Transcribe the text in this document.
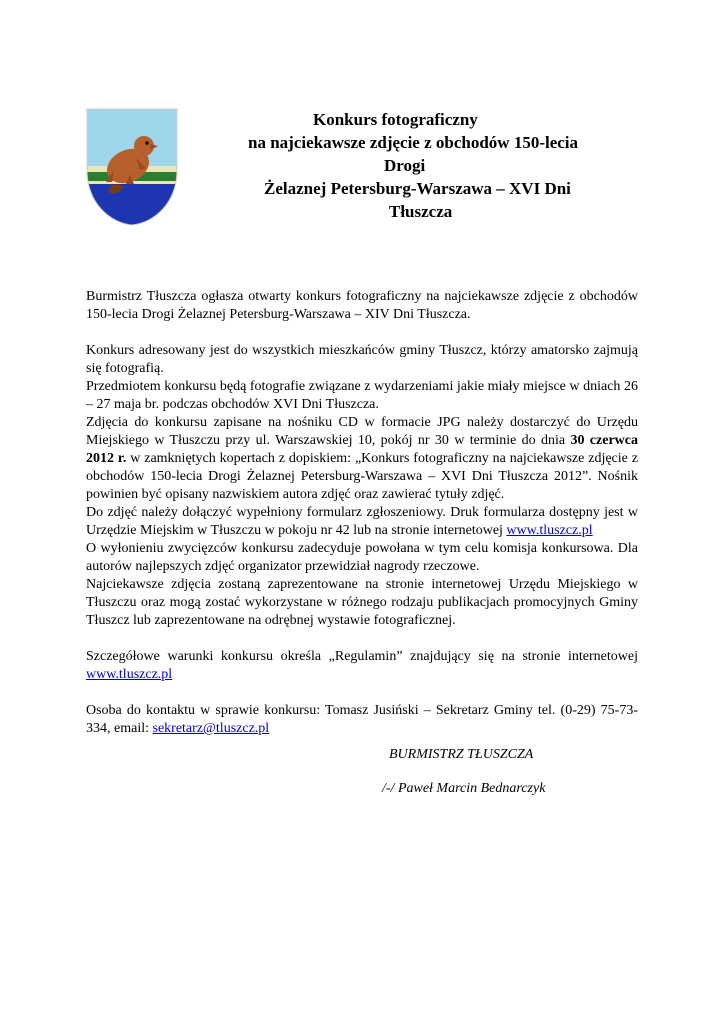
Konkurs fotograficzny
na najciekawsze zdjęcie z obchodów 150-lecia
Drogi
Żelaznej Petersburg-Warszawa – XVI Dni
Tłuszcza

Burmistrz Tłuszcza ogłasza otwarty konkurs fotograficzny na najciekawsze zdjęcie z obchodów 150-lecia Drogi Żelaznej Petersburg-Warszawa – XIV Dni Tłuszcza.

Konkurs adresowany jest do wszystkich mieszkańców gminy Tłuszcz, którzy amatorsko zajmują się fotografią.

Przedmiotem konkursu będą fotografie związane z wydarzeniami jakie miały miejsce w dniach 26 – 27 maja br. podczas obchodów XVI Dni Tłuszcza.

Zdjęcia do konkursu zapisane na nośniku CD w formacie JPG należy dostarczyć do Urzędu Miejskiego w Tłuszczu przy ul. Warszawskiej 10, pokój nr 30 w terminie do dnia 30 czerwca 2012 r. w zamkniętych kopertach z dopiskiem: „Konkurs fotograficzny na najciekawsze zdjęcie z obchodów 150-lecia Drogi Żelaznej Petersburg-Warszawa – XVI Dni Tłuszcza 2012”. Nośnik powinien być opisany nazwiskiem autora zdjęć oraz zawierać tytuły zdjęć.

Do zdjęć należy dołączyć wypełniony formularz zgłoszeniowy. Druk formularza dostępny jest w Urzędzie Miejskim w Tłuszczu w pokoju nr 42 lub na stronie internetowej www.tluszcz.pl

O wyłonieniu zwycięzców konkursu zadecyduje powołana w tym celu komisja konkursowa. Dla autorów najlepszych zdjęć organizator przewidział nagrody rzeczowe.

Najciekawsze zdjęcia zostaną zaprezentowane na stronie internetowej Urzędu Miejskiego w Tłuszczu oraz mogą zostać wykorzystane w różnego rodzaju publikacjach promocyjnych Gminy Tłuszcz lub zaprezentowane na odrębnej wystawie fotograficznej.

Szczegółowe warunki konkursu określa „Regulamin” znajdujący się na stronie internetowej www.tluszcz.pl

Osoba do kontaktu w sprawie konkursu: Tomasz Jusiński – Sekretarz Gminy tel. (0-29) 75-73-334, email: sekretarz@tluszcz.pl

BURMISTRZ TŁUSZCZA
/-/ Paweł Marcin Bednarczyk
